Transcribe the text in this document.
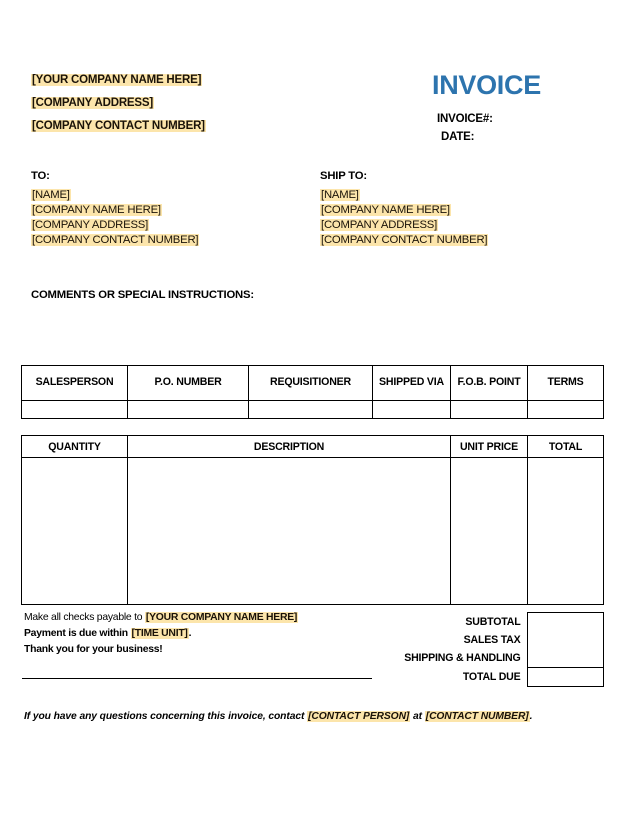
[YOUR COMPANY NAME HERE]
[COMPANY ADDRESS]
[COMPANY CONTACT NUMBER]
INVOICE
INVOICE#:
DATE:
TO:
[NAME]
[COMPANY NAME HERE]
[COMPANY ADDRESS]
[COMPANY CONTACT NUMBER]
SHIP TO:
[NAME]
[COMPANY NAME HERE]
[COMPANY ADDRESS]
[COMPANY CONTACT NUMBER]
COMMENTS OR SPECIAL INSTRUCTIONS:
SALESPERSON	P.O. NUMBER	REQUISITIONER	SHIPPED VIA	F.O.B. POINT	TERMS

QUANTITY	DESCRIPTION	UNIT PRICE	TOTAL

Make all checks payable to [YOUR COMPANY NAME HERE]
Payment is due within [TIME UNIT].
Thank you for your business!
SUBTOTAL	
SALES TAX	
SHIPPING & HANDLING	
TOTAL DUE	
If you have any questions concerning this invoice, contact [CONTACT PERSON] at [CONTACT NUMBER].
